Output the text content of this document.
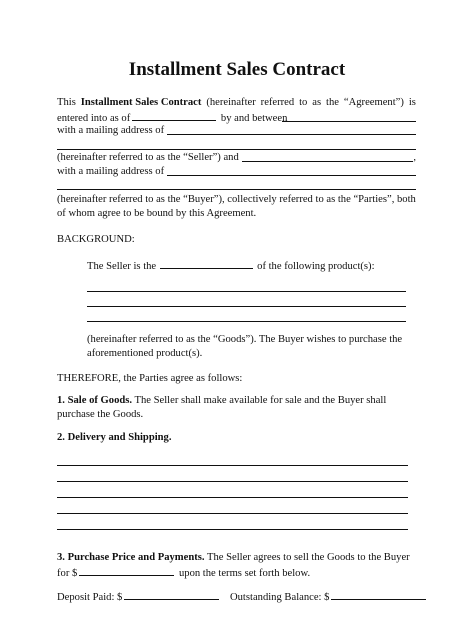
Installment Sales Contract
This Installment Sales Contract (hereinafter referred to as the “Agreement”) is
entered into as of	by and between
with a mailing address of
(hereinafter referred to as the “Seller”) and	,
with a mailing address of
(hereinafter referred to as the “Buyer”), collectively referred to as the “Parties”, both
of whom agree to be bound by this Agreement.
BACKGROUND:
The Seller is the	of the following product(s):
(hereinafter referred to as the “Goods”). The Buyer wishes to purchase the
aforementioned product(s).
THEREFORE, the Parties agree as follows:
1. Sale of Goods. The Seller shall make available for sale and the Buyer shall
purchase the Goods.
2. Delivery and Shipping.
3. Purchase Price and Payments. The Seller agrees to sell the Goods to the Buyer
for $	upon the terms set forth below.
Deposit Paid: $	Outstanding Balance: $
